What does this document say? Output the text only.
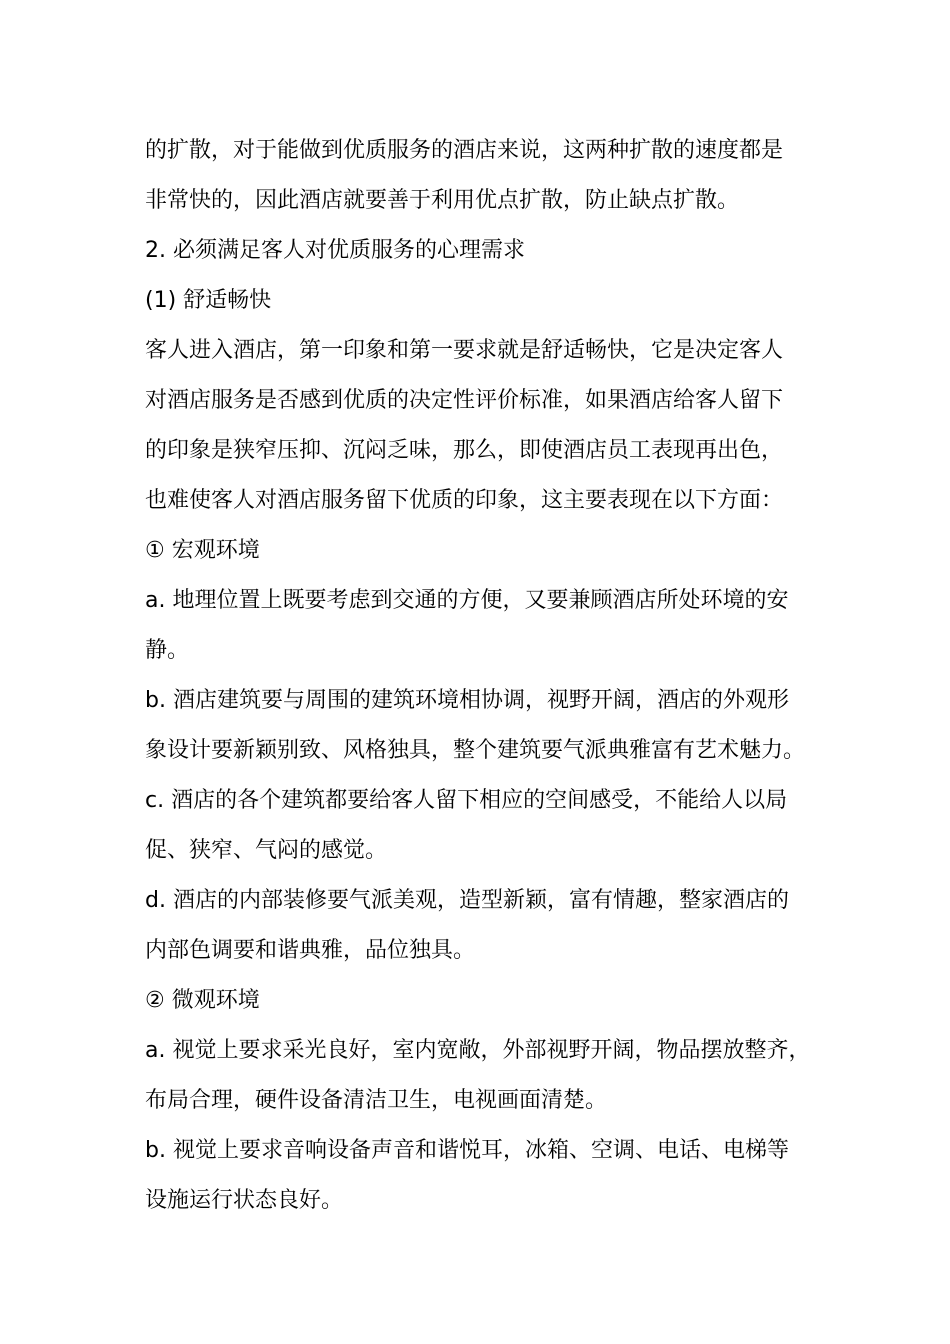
的扩散，对于能做到优质服务的酒店来说，这两种扩散的速度都是
非常快的，因此酒店就要善于利用优点扩散，防止缺点扩散。
2. 必须满足客人对优质服务的心理需求
(1) 舒适畅快
客人进入酒店，第一印象和第一要求就是舒适畅快，它是决定客人
对酒店服务是否感到优质的决定性评价标准，如果酒店给客人留下
的印象是狭窄压抑、沉闷乏味，那么，即使酒店员工表现再出色，
也难使客人对酒店服务留下优质的印象，这主要表现在以下方面：
① 宏观环境
a. 地理位置上既要考虑到交通的方便，又要兼顾酒店所处环境的安
静。
b. 酒店建筑要与周围的建筑环境相协调，视野开阔，酒店的外观形
象设计要新颖别致、风格独具，整个建筑要气派典雅富有艺术魅力。
c. 酒店的各个建筑都要给客人留下相应的空间感受，不能给人以局
促、狭窄、气闷的感觉。
d. 酒店的内部装修要气派美观，造型新颖，富有情趣，整家酒店的
内部色调要和谐典雅，品位独具。
② 微观环境
a. 视觉上要求采光良好，室内宽敞，外部视野开阔，物品摆放整齐，
布局合理，硬件设备清洁卫生，电视画面清楚。
b. 视觉上要求音响设备声音和谐悦耳，冰箱、空调、电话、电梯等
设施运行状态良好。
